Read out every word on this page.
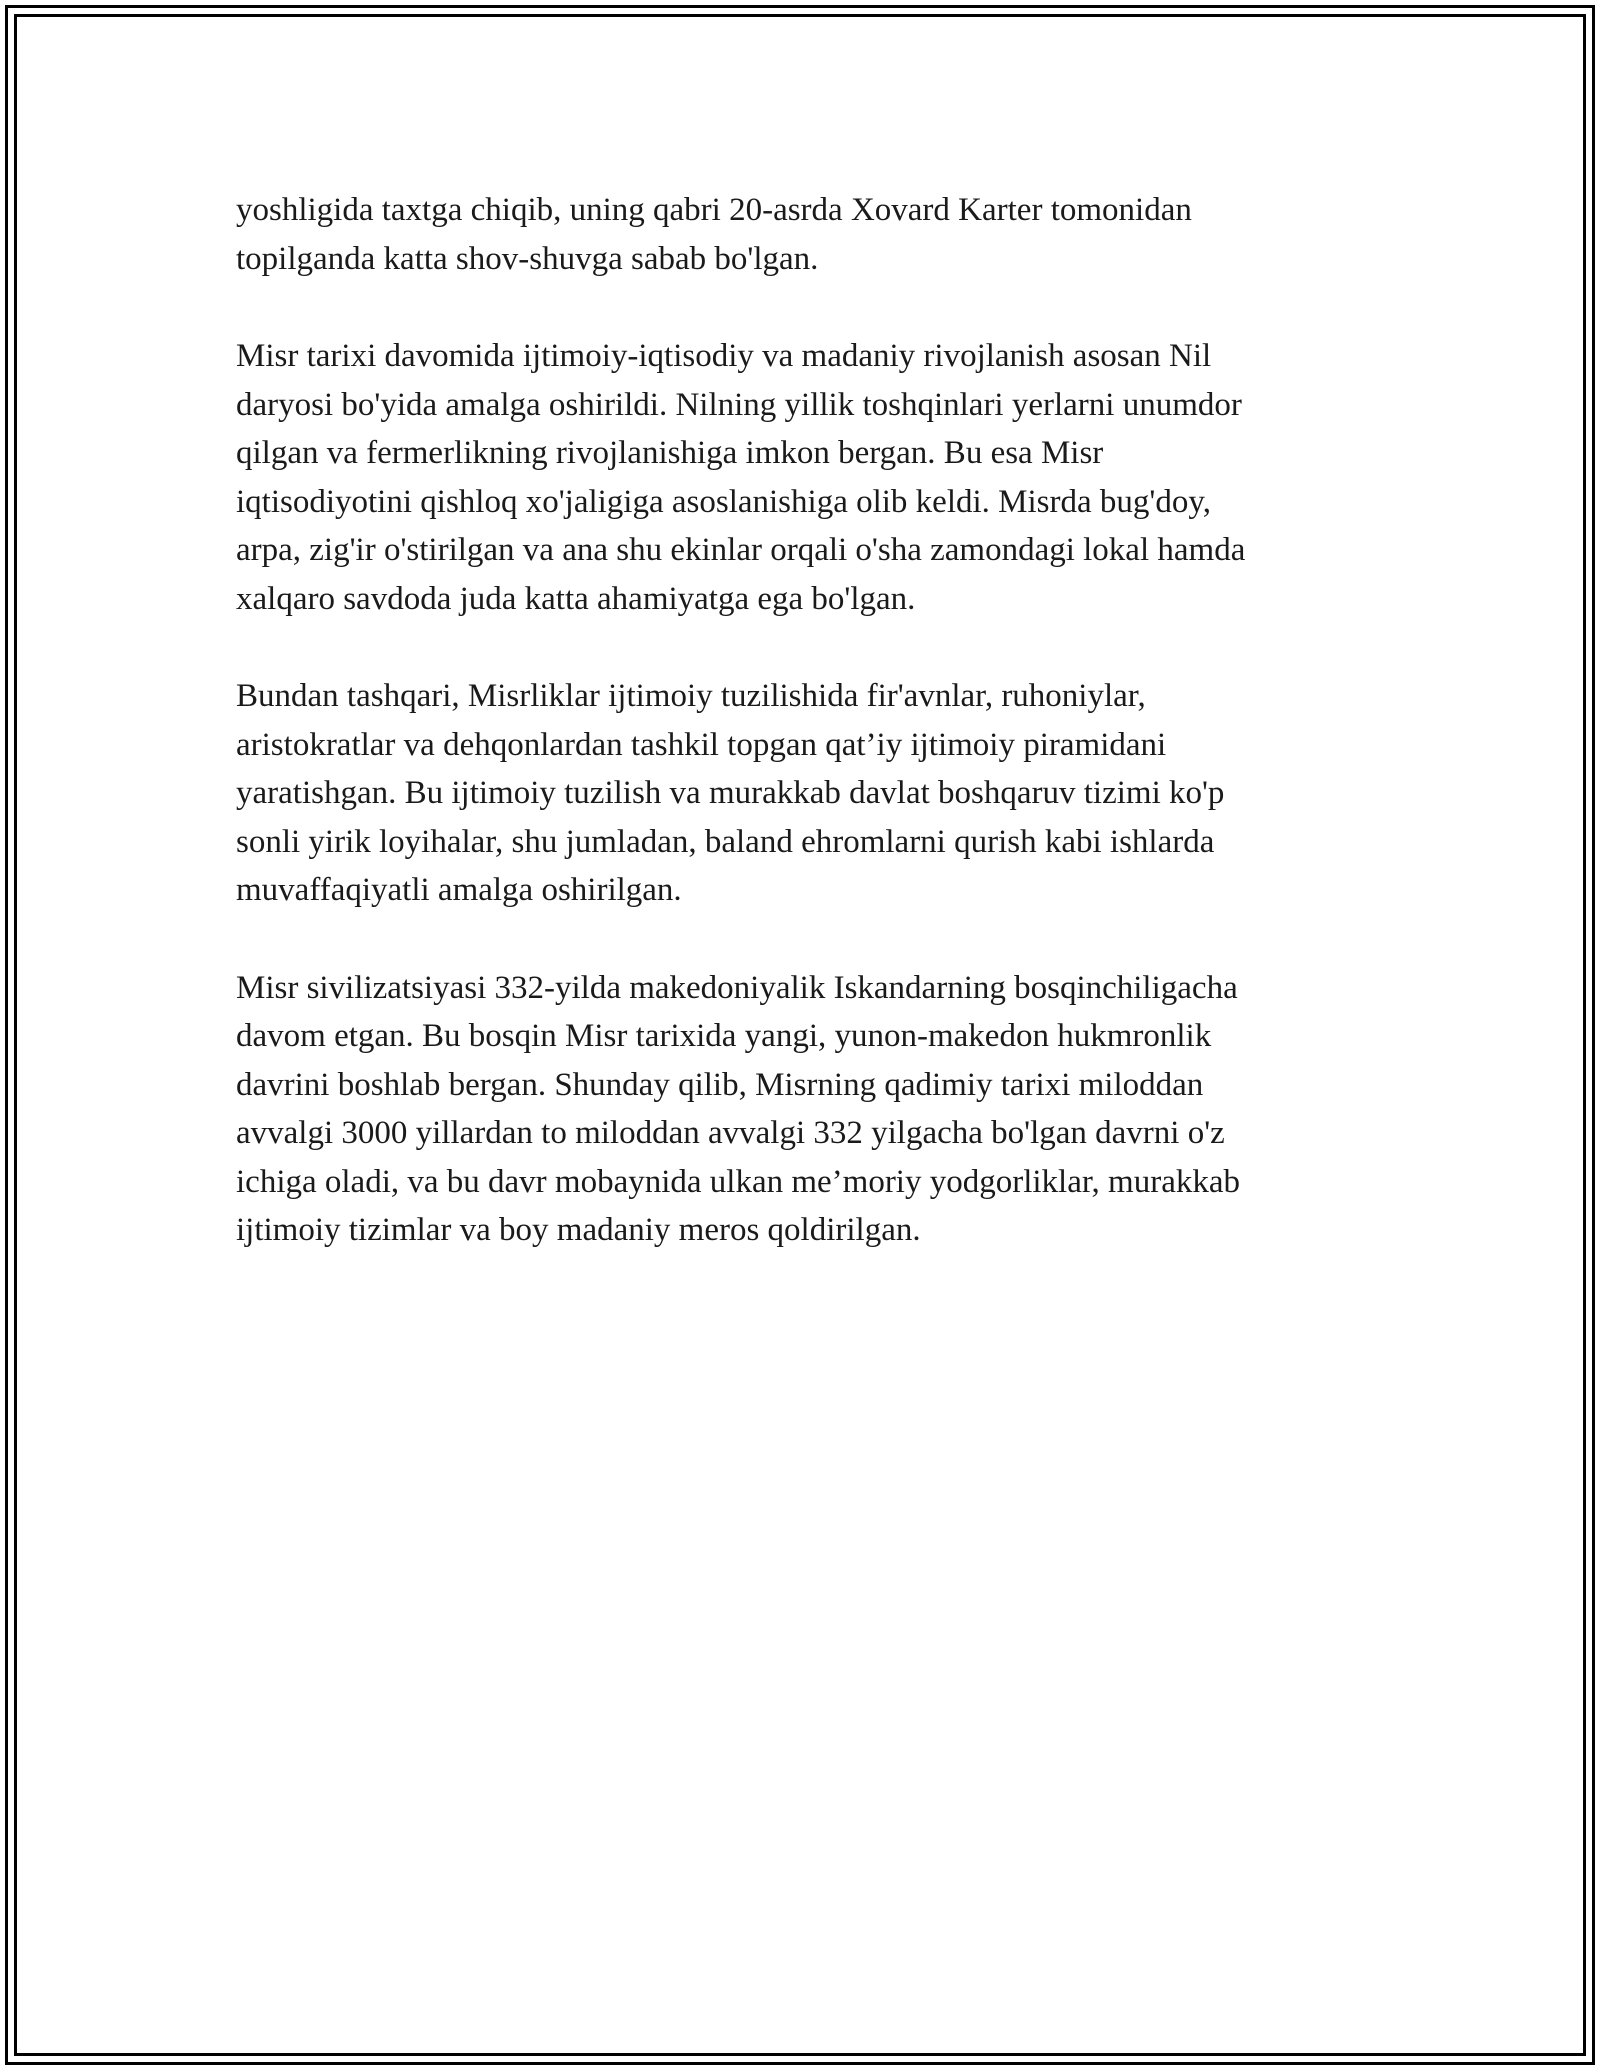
yoshligida taxtga chiqib, uning qabri 20-asrda Xovard Karter tomonidan
topilganda katta shov-shuvga sabab bo'lgan.

Misr tarixi davomida ijtimoiy-iqtisodiy va madaniy rivojlanish asosan Nil
daryosi bo'yida amalga oshirildi. Nilning yillik toshqinlari yerlarni unumdor
qilgan va fermerlikning rivojlanishiga imkon bergan. Bu esa Misr
iqtisodiyotini qishloq xo'jaligiga asoslanishiga olib keldi. Misrda bug'doy,
arpa, zig'ir o'stirilgan va ana shu ekinlar orqali o'sha zamondagi lokal hamda
xalqaro savdoda juda katta ahamiyatga ega bo'lgan.

Bundan tashqari, Misrliklar ijtimoiy tuzilishida fir'avnlar, ruhoniylar,
aristokratlar va dehqonlardan tashkil topgan qat’iy ijtimoiy piramidani
yaratishgan. Bu ijtimoiy tuzilish va murakkab davlat boshqaruv tizimi ko'p
sonli yirik loyihalar, shu jumladan, baland ehromlarni qurish kabi ishlarda
muvaffaqiyatli amalga oshirilgan.

Misr sivilizatsiyasi 332-yilda makedoniyalik Iskandarning bosqinchiligacha
davom etgan. Bu bosqin Misr tarixida yangi, yunon-makedon hukmronlik
davrini boshlab bergan. Shunday qilib, Misrning qadimiy tarixi miloddan
avvalgi 3000 yillardan to miloddan avvalgi 332 yilgacha bo'lgan davrni o'z
ichiga oladi, va bu davr mobaynida ulkan me’moriy yodgorliklar, murakkab
ijtimoiy tizimlar va boy madaniy meros qoldirilgan.
